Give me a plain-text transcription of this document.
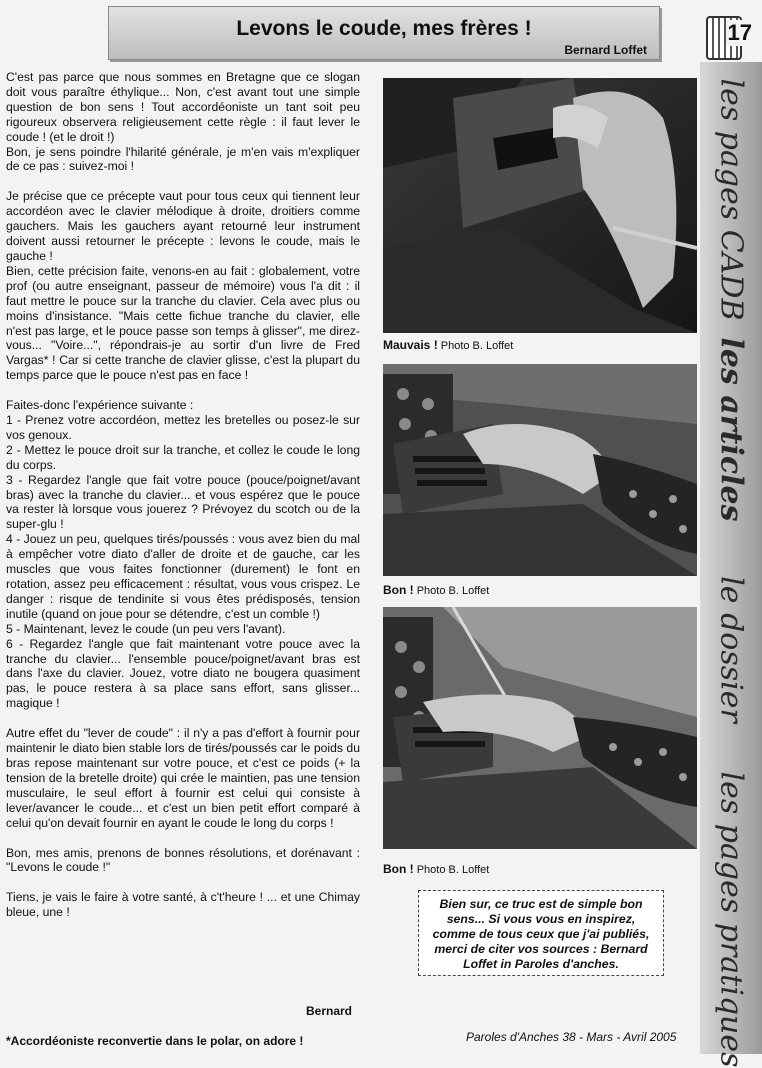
Levons le coude, mes frères !
Bernard Loffet
17
les pages CADB
les articles
le dossier
les pages pratiques

C'est pas parce que nous sommes en Bretagne que ce slogan doit vous paraître éthylique... Non, c'est avant tout une simple question de bon sens ! Tout accordéoniste un tant soit peu rigoureux observera religieusement cette règle : il faut lever le coude ! (et le droit !)

Bon, je sens poindre l'hilarité générale, je m'en vais m'expliquer de ce pas : suivez-moi !

Je précise que ce précepte vaut pour tous ceux qui tiennent leur accordéon avec le clavier mélodique à droite, droitiers comme gauchers. Mais les gauchers ayant retourné leur instrument doivent aussi retourner le précepte : levons le coude, mais le gauche !

Bien, cette précision faite, venons-en au fait : globalement, votre prof (ou autre enseignant, passeur de mémoire) vous l'a dit : il faut mettre le pouce sur la tranche du clavier. Cela avec plus ou moins d'insistance. "Mais cette fichue tranche du clavier, elle n'est pas large, et le pouce passe son temps à glisser", me direz-vous... "Voire...", répondrais-je au sortir d'un livre de Fred Vargas* ! Car si cette tranche de clavier glisse, c'est la plupart du temps parce que le pouce n'est pas en face !

Faites-donc l'expérience suivante :

1 - Prenez votre accordéon, mettez les bretelles ou posez-le sur vos genoux.

2 - Mettez le pouce droit sur la tranche, et collez le coude le long du corps.

3 - Regardez l'angle que fait votre pouce (pouce/poignet/avant bras) avec la tranche du clavier... et vous espérez que le pouce va rester là lorsque vous jouerez ? Prévoyez du scotch ou de la super-glu !

4 - Jouez un peu, quelques tirés/poussés : vous avez bien du mal à empêcher votre diato d'aller de droite et de gauche, car les muscles que vous faites fonctionner (durement) le font en rotation, assez peu efficacement : résultat, vous vous crispez. Le danger : risque de tendinite si vous êtes prédisposés, tension inutile (quand on joue pour se détendre, c'est un comble !)

5 - Maintenant, levez le coude (un peu vers l'avant).

6 - Regardez l'angle que fait maintenant votre pouce avec la tranche du clavier... l'ensemble pouce/poignet/avant bras est dans l'axe du clavier. Jouez, votre diato ne bougera quasiment pas, le pouce restera à sa place sans effort, sans glisser... magique !

Autre effet du "lever de coude" : il n'y a pas d'effort à fournir pour maintenir le diato bien stable lors de tirés/poussés car le poids du bras repose maintenant sur votre pouce, et c'est ce poids (+ la tension de la bretelle droite) qui crée le maintien, pas une tension musculaire, le seul effort à fournir est celui qui consiste à lever/avancer le coude... et c'est un bien petit effort comparé à celui qu'on devait fournir en ayant le coude le long du corps !

Bon, mes amis, prenons de bonnes résolutions, et dorénavant : "Levons le coude !"

Tiens, je vais le faire à votre santé, à c't'heure ! ... et une Chimay bleue, une !

Bernard
*Accordéoniste reconvertie dans le polar, on adore !
Mauvais ! Photo B. Loffet
Bon ! Photo B. Loffet
Bon ! Photo B. Loffet
Bien sur, ce truc est de simple bon sens... Si vous vous en inspirez, comme de tous ceux que j'ai publiés, merci de citer vos sources : Bernard Loffet in Paroles d'anches.
Paroles d'Anches 38 - Mars - Avril 2005
